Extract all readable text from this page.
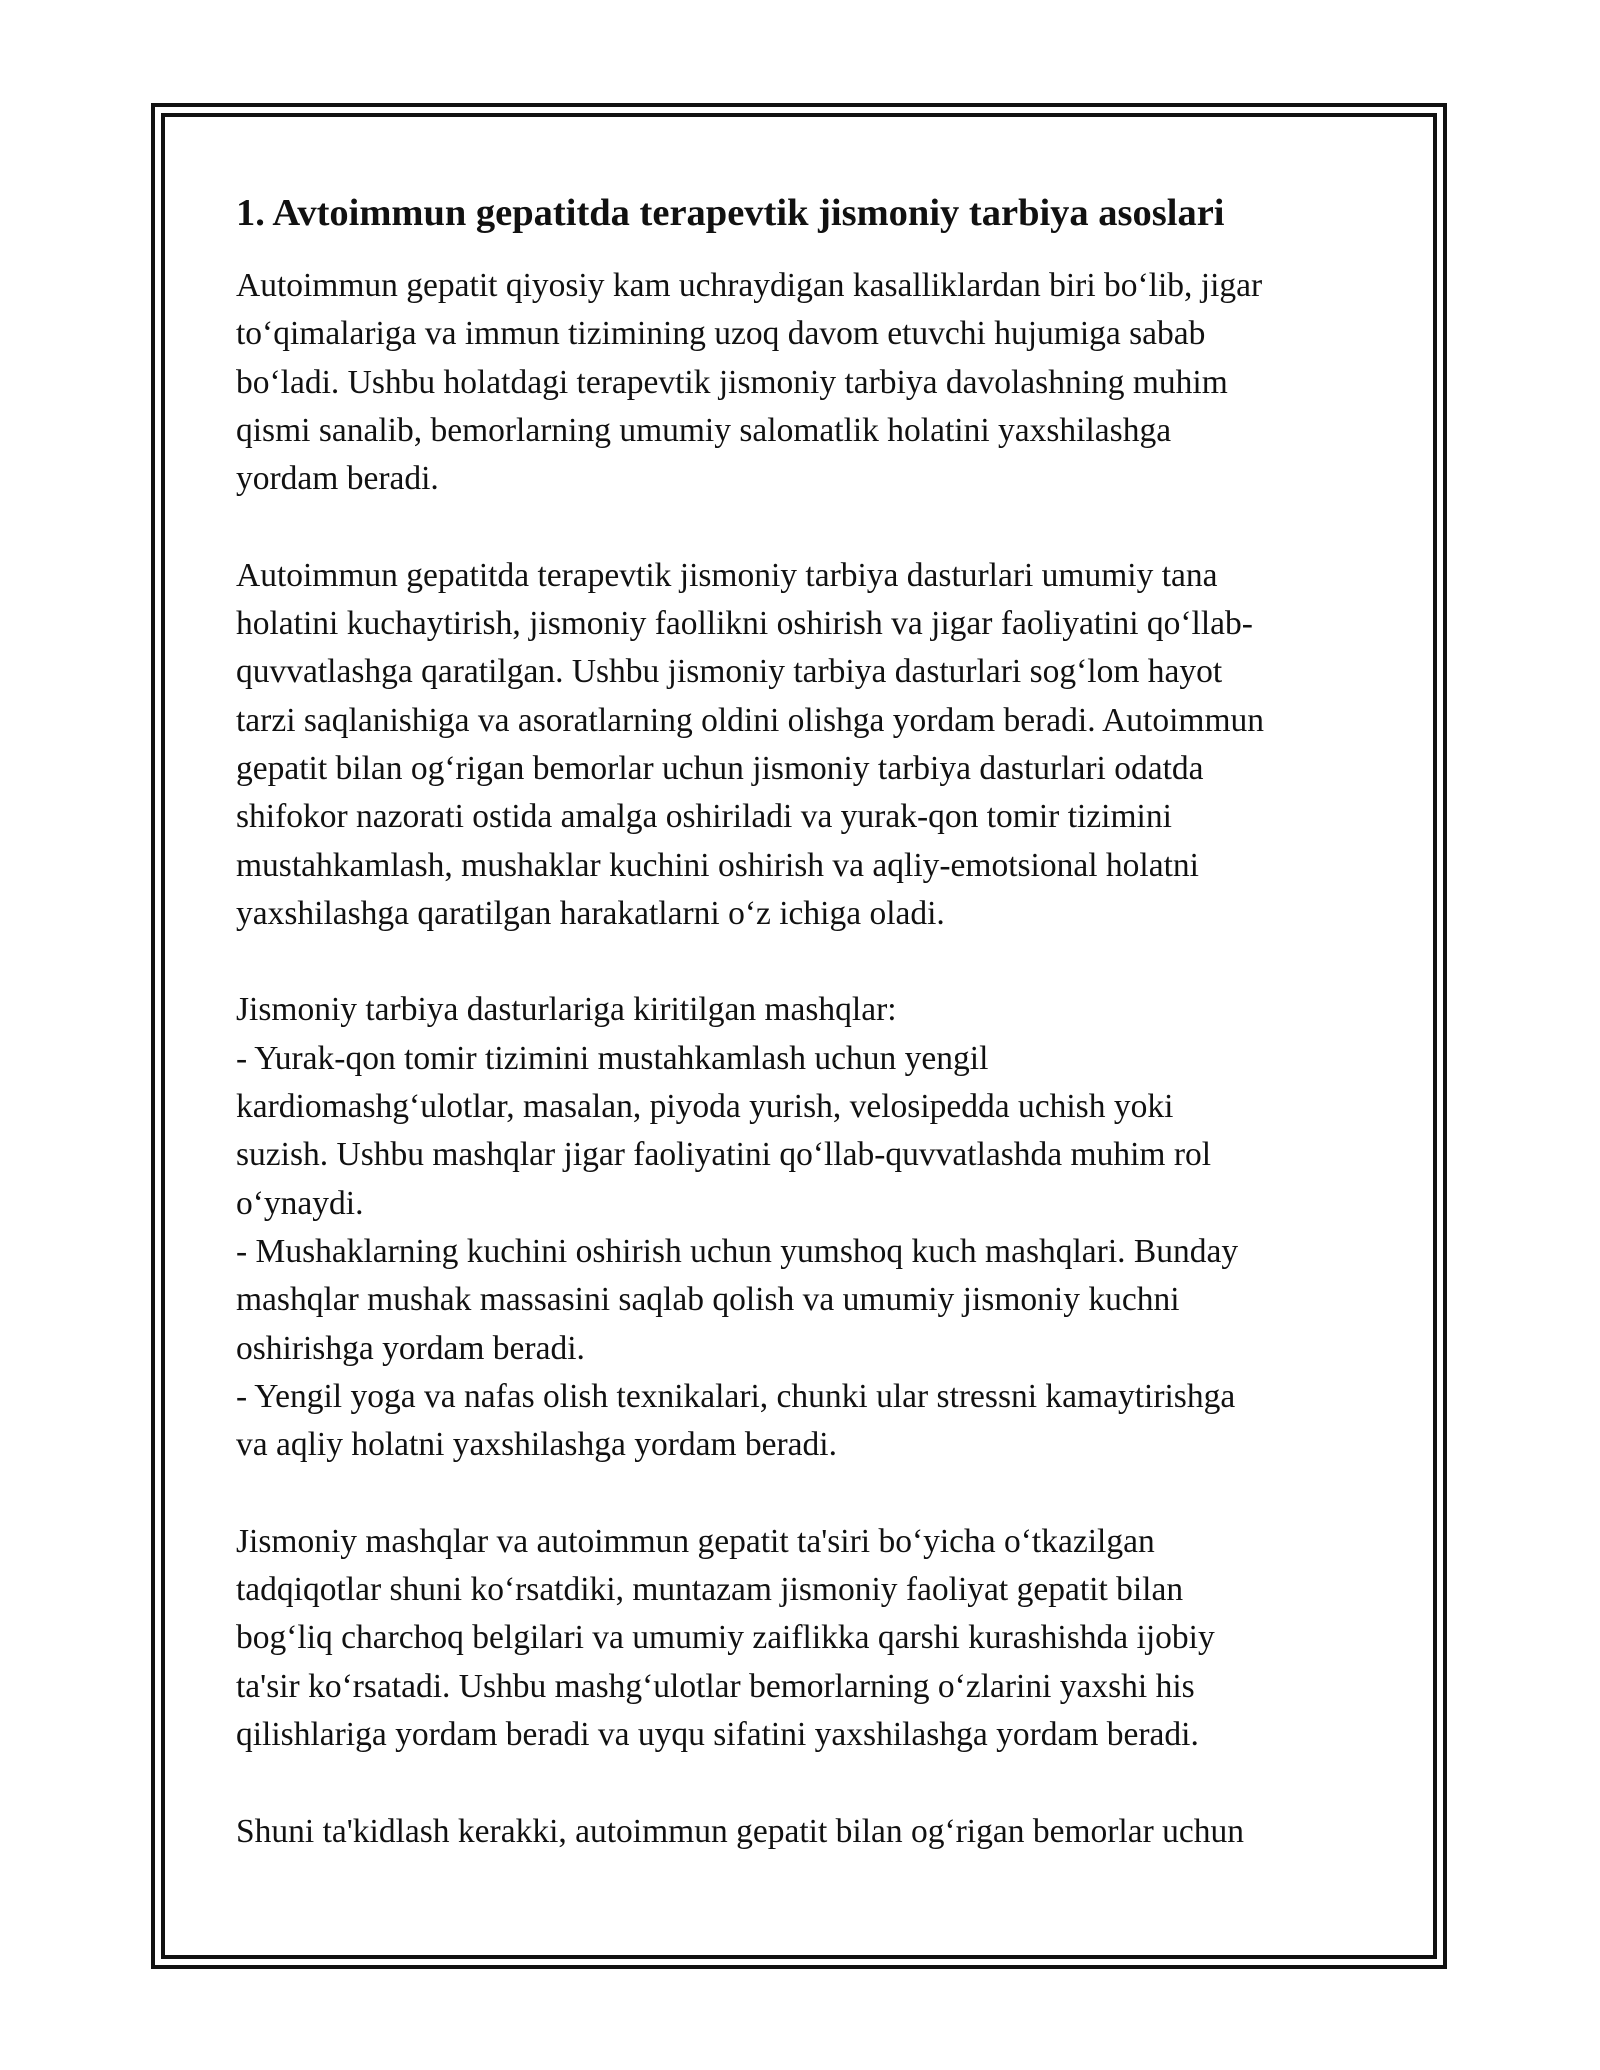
1. Avtoimmun gepatitda terapevtik jismoniy tarbiya asoslari
Autoimmun gepatit qiyosiy kam uchraydigan kasalliklardan biri boʻlib, jigar
toʻqimalariga va immun tizimining uzoq davom etuvchi hujumiga sabab
boʻladi. Ushbu holatdagi terapevtik jismoniy tarbiya davolashning muhim
qismi sanalib, bemorlarning umumiy salomatlik holatini yaxshilashga
yordam beradi.
Autoimmun gepatitda terapevtik jismoniy tarbiya dasturlari umumiy tana
holatini kuchaytirish, jismoniy faollikni oshirish va jigar faoliyatini qoʻllab-
quvvatlashga qaratilgan. Ushbu jismoniy tarbiya dasturlari sogʻlom hayot
tarzi saqlanishiga va asoratlarning oldini olishga yordam beradi. Autoimmun
gepatit bilan ogʻrigan bemorlar uchun jismoniy tarbiya dasturlari odatda
shifokor nazorati ostida amalga oshiriladi va yurak-qon tomir tizimini
mustahkamlash, mushaklar kuchini oshirish va aqliy-emotsional holatni
yaxshilashga qaratilgan harakatlarni oʻz ichiga oladi.
Jismoniy tarbiya dasturlariga kiritilgan mashqlar:
- Yurak-qon tomir tizimini mustahkamlash uchun yengil
kardiomashgʻulotlar, masalan, piyoda yurish, velosipedda uchish yoki
suzish. Ushbu mashqlar jigar faoliyatini qoʻllab-quvvatlashda muhim rol
oʻynaydi.
- Mushaklarning kuchini oshirish uchun yumshoq kuch mashqlari. Bunday
mashqlar mushak massasini saqlab qolish va umumiy jismoniy kuchni
oshirishga yordam beradi.
- Yengil yoga va nafas olish texnikalari, chunki ular stressni kamaytirishga
va aqliy holatni yaxshilashga yordam beradi.
Jismoniy mashqlar va autoimmun gepatit ta'siri boʻyicha oʻtkazilgan
tadqiqotlar shuni koʻrsatdiki, muntazam jismoniy faoliyat gepatit bilan
bogʻliq charchoq belgilari va umumiy zaiflikka qarshi kurashishda ijobiy
ta'sir koʻrsatadi. Ushbu mashgʻulotlar bemorlarning oʻzlarini yaxshi his
qilishlariga yordam beradi va uyqu sifatini yaxshilashga yordam beradi.
Shuni ta'kidlash kerakki, autoimmun gepatit bilan ogʻrigan bemorlar uchun
